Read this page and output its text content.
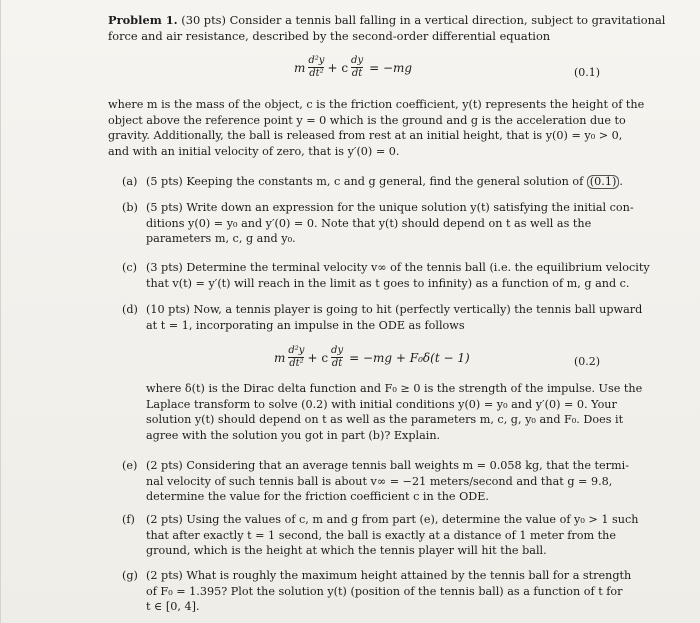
Problem 1. (30 pts) Consider a tennis ball falling in a vertical direction, subject to gravitational
force and air resistance, described by the second-order differential equation
m $\frac{\text{d²y}}{\text{dt²}} + c \frac{dy}{dt} = -mg$	(0.1)
where m is the mass of the object, c is the friction coefficient, y(t) represents the height of the
object above the reference point y = 0 which is the ground and g is the acceleration due to
gravity. Additionally, the ball is released from rest at an initial height, that is y(0) = y₀ > 0,
and with an initial velocity of zero, that is y′(0) = 0.
(a) (5 pts) Keeping the constants m, c and g general, find the general solution of (0.1) .
(b) (5 pts) Write down an expression for the unique solution y(t) satisfying the initial con-
ditions y(0) = y₀ and y′(0) = 0. Note that y(t) should depend on t as well as the
parameters m, c, g and y₀.
(c) (3 pts) Determine the terminal velocity v∞ of the tennis ball (i.e. the equilibrium velocity
that v(t) = y′(t) will reach in the limit as t goes to infinity) as a function of m, g and c.
(d) (10 pts) Now, a tennis player is going to hit (perfectly vertically) the tennis ball upward
at t = 1, incorporating an impulse in the ODE as follows
m $\frac{\text{d²y}}{\text{dt²}} + c \frac{dy}{dt} = -mg + F_0\delta(t - 1)$	(0.2)
where δ(t) is the Dirac delta function and F₀ ≥ 0 is the strength of the impulse. Use the
Laplace transform to solve (0.2) with initial conditions y(0) = y₀ and y′(0) = 0. Your
solution y(t) should depend on t as well as the parameters m, c, g, y₀ and F₀. Does it
agree with the solution you got in part (b)? Explain.
(e) (2 pts) Considering that an average tennis ball weights m = 0.058 kg, that the termi-
nal velocity of such tennis ball is about v∞ = −21 meters/second and that g = 9.8,
determine the value for the friction coefficient c in the ODE.
(f) (2 pts) Using the values of c, m and g from part (e), determine the value of y₀ > 1 such
that after exactly t = 1 second, the ball is exactly at a distance of 1 meter from the
ground, which is the height at which the tennis player will hit the ball.
(g) (2 pts) What is roughly the maximum height attained by the tennis ball for a strength
of F₀ = 1.395? Plot the solution y(t) (position of the tennis ball) as a function of t for
t ∈ [0, 4].
